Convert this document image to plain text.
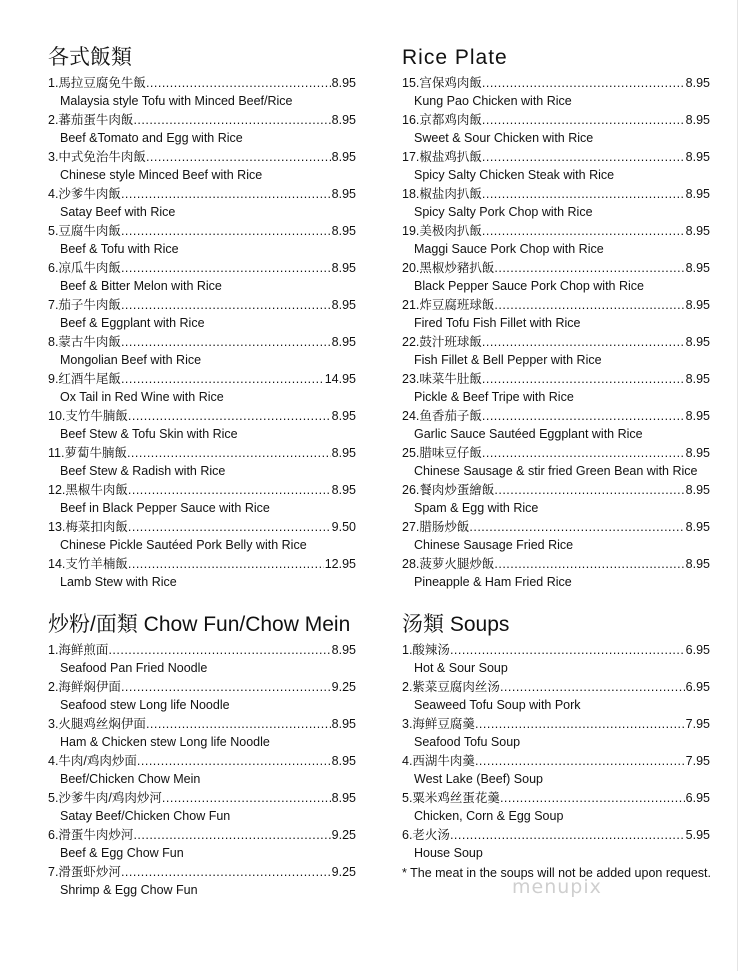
各式飯類
1.馬拉豆腐免牛飯 .....	8.95
Malaysia style Tofu with Minced Beef/Rice
2.蕃茄蛋牛肉飯 .....	8.95
Beef &Tomato and Egg with Rice
3.中式免治牛肉飯 .....	8.95
Chinese style Minced Beef with Rice
4.沙爹牛肉飯 .....	8.95
Satay Beef with Rice
5.豆腐牛肉飯 .....	8.95
Beef & Tofu with Rice
6.凉瓜牛肉飯 .....	8.95
Beef & Bitter Melon with Rice
7.茄子牛肉飯 .....	8.95
Beef & Eggplant with Rice
8.蒙古牛肉飯 .....	8.95
Mongolian Beef with Rice
9.红酒牛尾飯 .....	14.95
Ox Tail in Red Wine with Rice
10.支竹牛腩飯 .....	8.95
Beef Stew & Tofu Skin with Rice
11.萝蔔牛腩飯 .....	8.95
Beef Stew & Radish with Rice
12.黑椒牛肉飯 .....	8.95
Beef in Black Pepper Sauce with Rice
13.梅菜扣肉飯 .....	9.50
Chinese Pickle Sautéed Pork Belly with Rice
14.支竹羊楠飯 .....	12.95
Lamb Stew with Rice
炒粉/面類 Chow Fun/Chow Mein
1.海鲜煎面 .....	8.95
Seafood Pan Fried Noodle
2.海鲜焖伊面 .....	9.25
Seafood stew Long life Noodle
3.火腿鸡丝焖伊面 .....	8.95
Ham & Chicken stew Long life Noodle
4.牛肉/鸡肉炒面 .....	8.95
Beef/Chicken Chow Mein
5.沙爹牛肉/鸡肉炒河 .....	8.95
Satay Beef/Chicken Chow Fun
6.滑蛋牛肉炒河 .....	9.25
Beef & Egg Chow Fun
7.滑蛋虾炒河 .....	9.25
Shrimp & Egg Chow Fun
Rice Plate
15.宫保鸡肉飯 .....	8.95
Kung Pao Chicken with Rice
16.京都鸡肉飯 .....	8.95
Sweet & Sour Chicken with Rice
17.椒盐鸡扒飯 .....	8.95
Spicy Salty Chicken Steak with Rice
18.椒盐肉扒飯 .....	8.95
Spicy Salty Pork Chop with Rice
19.美极肉扒飯 .....	8.95
Maggi Sauce Pork Chop with Rice
20.黑椒炒豬扒飯 .....	8.95
Black Pepper Sauce Pork Chop with Rice
21.炸豆腐班球飯 .....	8.95
Fired Tofu Fish Fillet with Rice
22.鼓汁班球飯 .....	8.95
Fish Fillet & Bell Pepper with Rice
23.味菜牛肚飯 .....	8.95
Pickle & Beef Tripe with Rice
24.鱼香茄子飯 .....	8.95
Garlic Sauce Sautéed Eggplant with Rice
25.腊味豆仔飯 .....	8.95
Chinese Sausage & stir fried Green Bean with Rice
26.餐肉炒蛋繪飯 .....	8.95
Spam & Egg with Rice
27.腊肠炒飯 .....	8.95
Chinese Sausage Fried Rice
28.菠萝火腿炒飯 .....	8.95
Pineapple & Ham Fried Rice
汤類 Soups
1.酸辣汤 .....	6.95
Hot & Sour Soup
2.紫菜豆腐肉丝汤 .....	6.95
Seaweed Tofu Soup with Pork
3.海鲜豆腐羹 .....	7.95
Seafood Tofu Soup
4.西湖牛肉羹 .....	7.95
West Lake (Beef) Soup
5.粟米鸡丝蛋花羹 .....	6.95
Chicken, Corn & Egg Soup
6.老火汤 .....	5.95
House Soup
* The meat in the soups will not be added upon request.
menupix
